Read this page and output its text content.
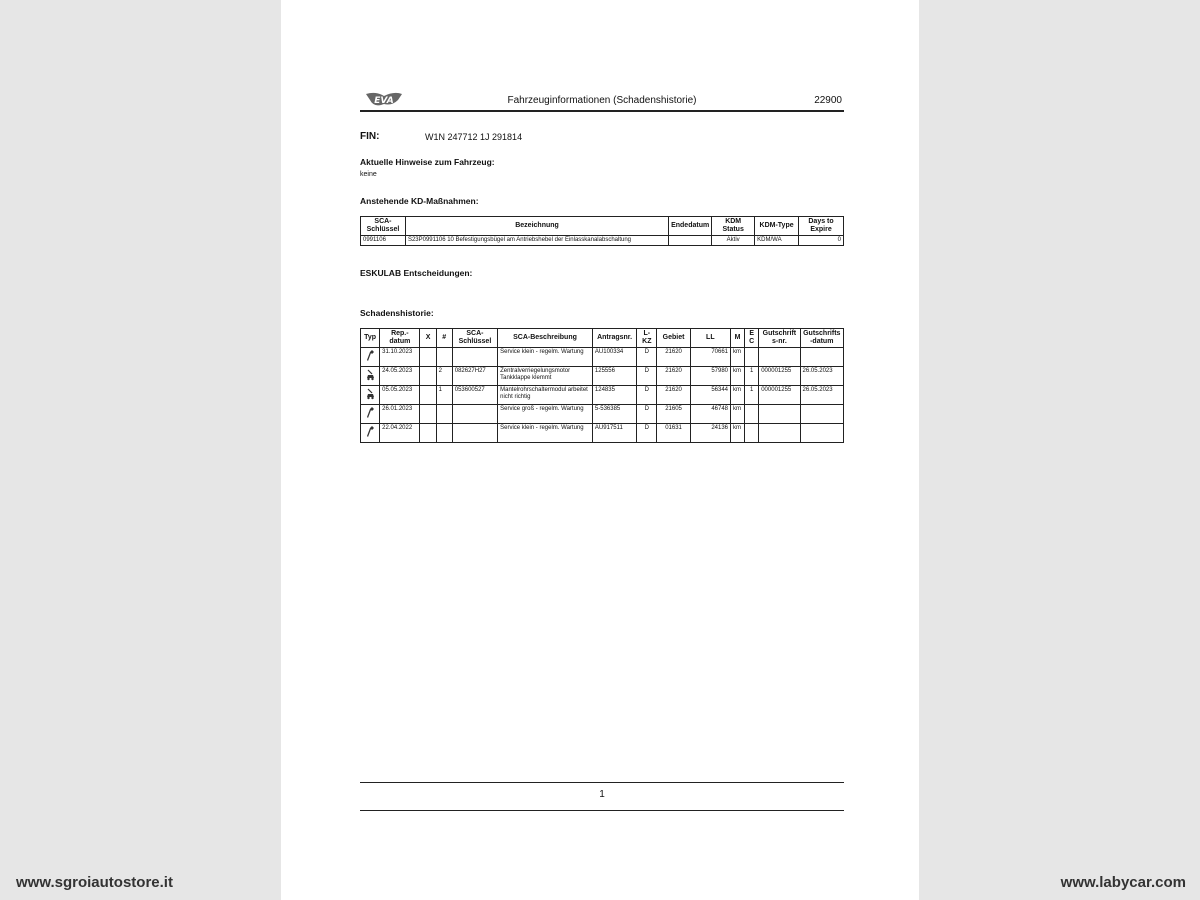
EVA	Fahrzeuginformationen (Schadenshistorie)	22900
FIN:	W1N 247712 1J 291814
Aktuelle Hinweise zum Fahrzeug:
keine
Anstehende KD-Maßnahmen:
SCA-Schlüssel	Bezeichnung	Endedatum	KDM Status	KDM-Type	Days to Expire
0991106	S23P0991106 10 Befestigungsbügel am Antriebshebel der Einlasskanalabschaltung		Aktiv	KDM/WA	0
ESKULAB Entscheidungen:
Schadenshistorie:
Typ	Rep.-datum	X	#	SCA-Schlüssel	SCA-Beschreibung	Antragsnr.	L-KZ	Gebiet	LL	M	E C	Gutschrift s-nr.	Gutschrifts -datum

	31.10.2023				Service klein - regelm. Wartung	AU100334	D	21620	70661	km			

	24.05.2023		2	082627H27	Zentralverriegelungsmotor Tankklappe klemmt	125556	D	21620	57980	km	1	000001255	26.05.2023

	05.05.2023		1	053600527	Mantelrohrschaltermodul arbeitet nicht richtig	124835	D	21620	56344	km	1	000001255	26.05.2023

	26.01.2023				Service groß - regelm. Wartung	5-536385	D	21605	46748	km			

	22.04.2022				Service klein - regelm. Wartung	AU917511	D	01631	24136	km			
1
www.sgroiautostore.it	www.labycar.com
